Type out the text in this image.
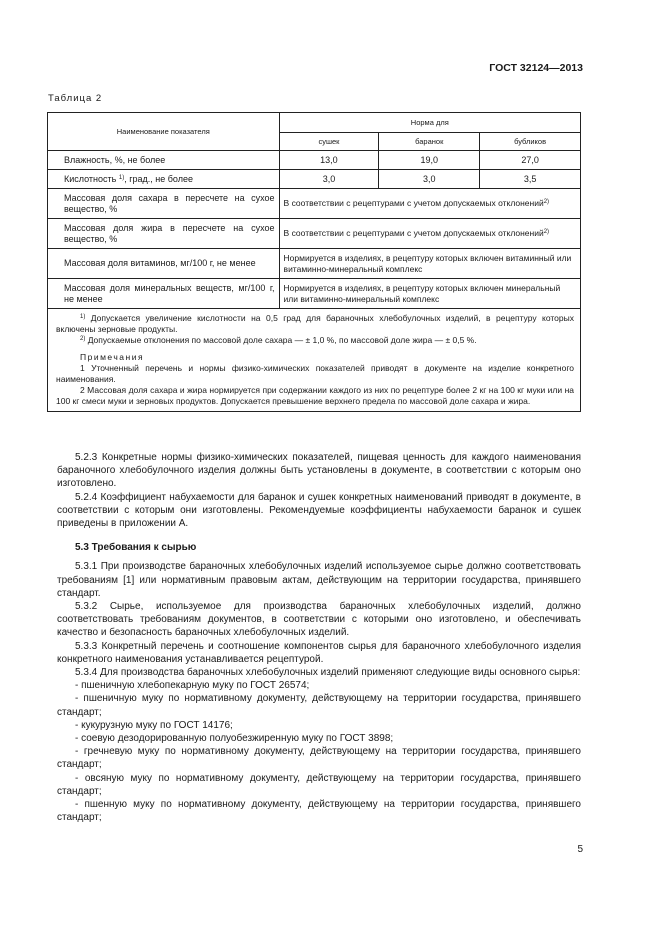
ГОСТ 32124—2013
Таблица 2
Наименование показателя	Норма для		
	сушек	баранок	бубликов
Влажность, %, не более	13,0	19,0	27,0
Кислотность $^{1)}$, град., не более	3,0	3,0	3,5
Массовая доля сахара в пересчете на сухое вещество, %	В соответствии с рецептурами с учетом допускаемых отклонений$^{2)}$
Массовая доля жира в пересчете на сухое вещество, %	В соответствии с рецептурами с учетом допускаемых отклонений$^{2)}$
Массовая доля витаминов, мг/100 г, не менее	Нормируется в изделиях, в рецептуру которых включен витаминный или витаминно-минеральный комплекс		
Массовая доля минеральных веществ, мг/100 г, не менее	Нормируется в изделиях, в рецептуру которых включен минеральный или витаминно-минеральный комплекс		

$^{1)}$ Допускается увеличение кислотности на 0,5 град для бараночных хлебобулочных изделий, в рецептуру которых включены зерновые продукты.

$^{2)}$ Допускаемые отклонения по массовой доле сахара — ± 1,0 %, по массовой доле жира — ± 0,5 %.

Примечания

1 Уточненный перечень и нормы физико-химических показателей приводят в документе на изделие конкретного наименования.

2 Массовая доля сахара и жира нормируется при содержании каждого из них по рецептуре более 2 кг на 100 кг муки или на 100 кг смеси муки и зерновых продуктов. Допускается превышение верхнего предела по массовой доле сахара и жира.			

5.2.3 Конкретные нормы физико-химических показателей, пищевая ценность для каждого наименования бараночного хлебобулочного изделия должны быть установлены в документе, в соответствии с которым оно изготовлено.

5.2.4 Коэффициент набухаемости для баранок и сушек конкретных наименований приводят в документе, в соответствии с которым они изготовлены. Рекомендуемые коэффициенты набухаемости баранок и сушек приведены в приложении А.

5.3 Требования к сырью

5.3.1 При производстве бараночных хлебобулочных изделий используемое сырье должно соответствовать требованиям [1] или нормативным правовым актам, действующим на территории государства, принявшего стандарт.

5.3.2 Сырье, используемое для производства бараночных хлебобулочных изделий, должно соответствовать требованиям документов, в соответствии с которыми оно изготовлено, и обеспечивать качество и безопасность бараночных хлебобулочных изделий.

5.3.3 Конкретный перечень и соотношение компонентов сырья для бараночного хлебобулочного изделия конкретного наименования устанавливается рецептурой.

5.3.4 Для производства бараночных хлебобулочных изделий применяют следующие виды основного сырья:

- пшеничную хлебопекарную муку по ГОСТ 26574;

- пшеничную муку по нормативному документу, действующему на территории государства, принявшего стандарт;

- кукурузную муку по ГОСТ 14176;

- соевую дезодорированную полуобезжиренную муку по ГОСТ 3898;

- гречневую муку по нормативному документу, действующему на территории государства, принявшего стандарт;

- овсяную муку по нормативному документу, действующему на территории государства, принявшего стандарт;

- пшенную муку по нормативному документу, действующему на территории государства, принявшего стандарт;

5
